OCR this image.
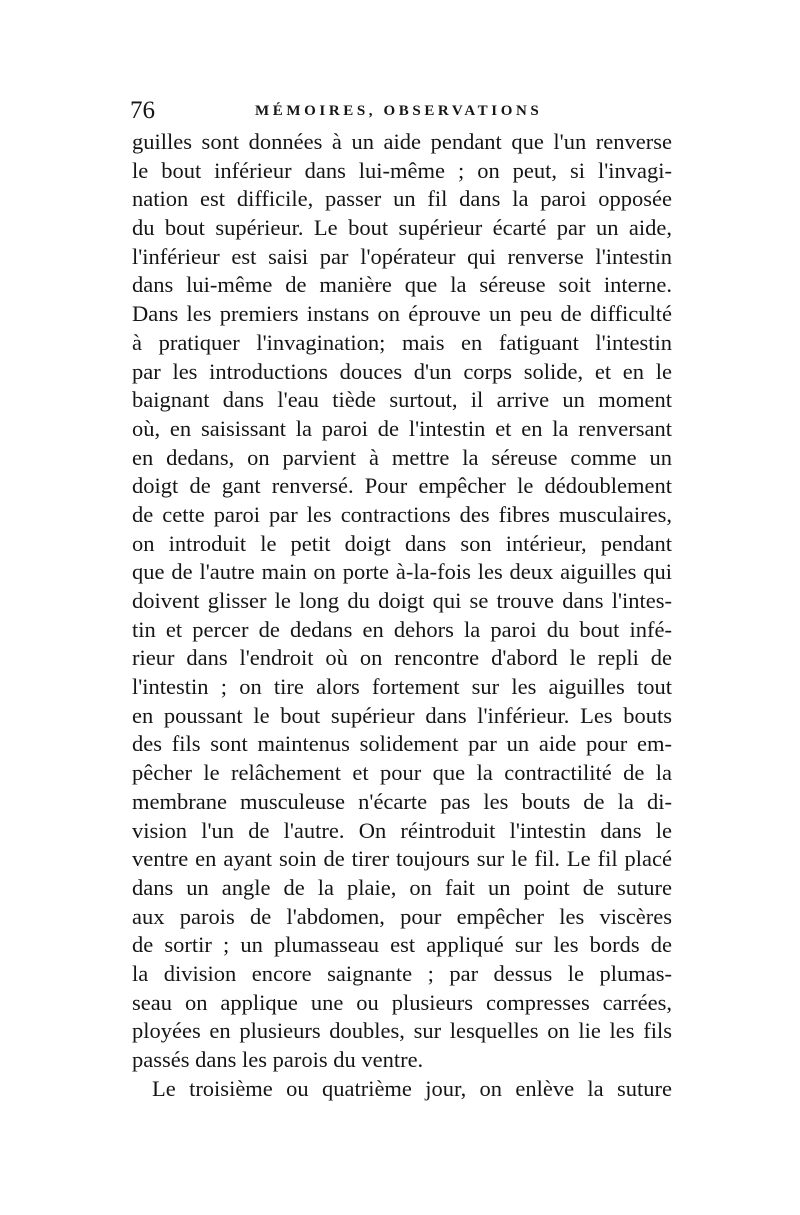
76	MÉMOIRES, OBSERVATIONS
guilles sont données à un aide pendant que l'un renverse
le bout inférieur dans lui-même ; on peut, si l'invagi-
nation est difficile, passer un fil dans la paroi opposée
du bout supérieur. Le bout supérieur écarté par un aide,
l'inférieur est saisi par l'opérateur qui renverse l'intestin
dans lui-même de manière que la séreuse soit interne.
Dans les premiers instans on éprouve un peu de difficulté
à pratiquer l'invagination; mais en fatiguant l'intestin
par les introductions douces d'un corps solide, et en le
baignant dans l'eau tiède surtout, il arrive un moment
où, en saisissant la paroi de l'intestin et en la renversant
en dedans, on parvient à mettre la séreuse comme un
doigt de gant renversé. Pour empêcher le dédoublement
de cette paroi par les contractions des fibres musculaires,
on introduit le petit doigt dans son intérieur, pendant
que de l'autre main on porte à-la-fois les deux aiguilles qui
doivent glisser le long du doigt qui se trouve dans l'intes-
tin et percer de dedans en dehors la paroi du bout infé-
rieur dans l'endroit où on rencontre d'abord le repli de
l'intestin ; on tire alors fortement sur les aiguilles tout
en poussant le bout supérieur dans l'inférieur. Les bouts
des fils sont maintenus solidement par un aide pour em-
pêcher le relâchement et pour que la contractilité de la
membrane musculeuse n'écarte pas les bouts de la di-
vision l'un de l'autre. On réintroduit l'intestin dans le
ventre en ayant soin de tirer toujours sur le fil. Le fil placé
dans un angle de la plaie, on fait un point de suture
aux parois de l'abdomen, pour empêcher les viscères
de sortir ; un plumasseau est appliqué sur les bords de
la division encore saignante ; par dessus le plumas-
seau on applique une ou plusieurs compresses carrées,
ployées en plusieurs doubles, sur lesquelles on lie les fils
passés dans les parois du ventre.
Le troisième ou quatrième jour, on enlève la suture
